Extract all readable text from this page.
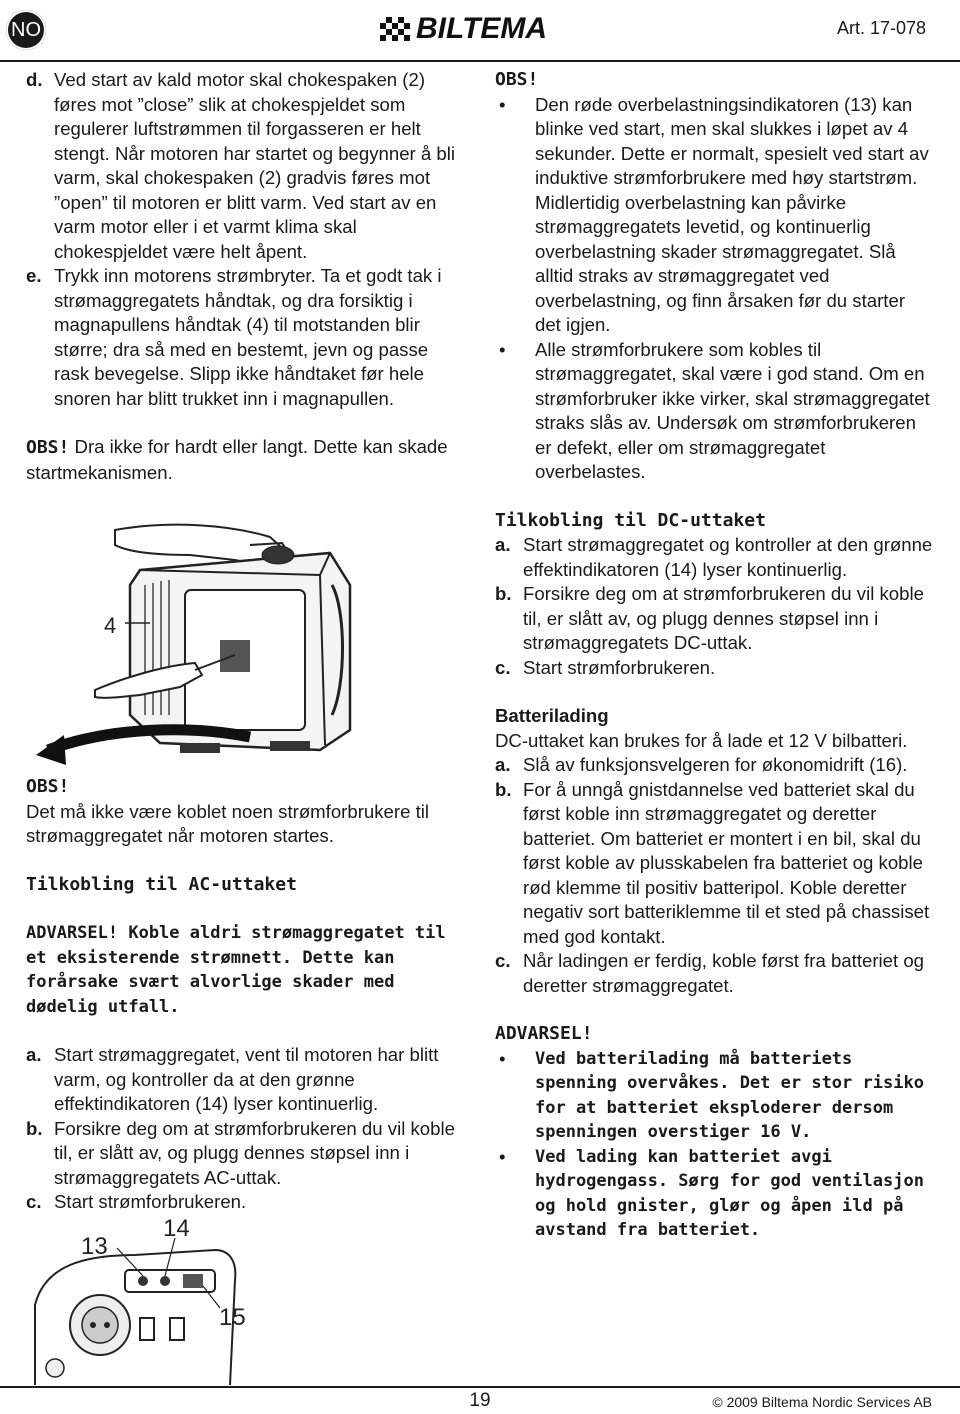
NO	BILTEMA	Art. 17-078
d. Ved start av kald motor skal chokespaken (2) føres mot ”close” slik at chokespjeldet som regulerer luftstrømmen til forgasseren er helt stengt. Når motoren har startet og begynner å bli varm, skal chokespaken (2) gradvis føres mot ”open” til motoren er blitt varm. Ved start av en varm motor eller i et varmt klima skal chokespjeldet være helt åpent.
e. Trykk inn motorens strømbryter. Ta et godt tak i strømaggregatets håndtak, og dra forsiktig i magnapullens håndtak (4) til motstanden blir større; dra så med en bestemt, jevn og passe rask bevegelse. Slipp ikke håndtaket før hele snoren har blitt trukket inn i magnapullen.

OBS! Dra ikke for hardt eller langt. Dette kan skade startmekanismen.

4

OBS!

Det må ikke være koblet noen strømforbrukere til strømaggregatet når motoren startes.

Tilkobling til AC-uttaket

ADVARSEL! Koble aldri strømaggregatet til et eksisterende strømnett. Dette kan forårsake svært alvorlige skader med dødelig utfall.

a. Start strømaggregatet, vent til motoren har blitt varm, og kontroller da at den grønne effektindikatoren (14) lyser kontinuerlig.
b. Forsikre deg om at strømforbrukeren du vil koble til, er slått av, og plugg dennes støpsel inn i strømaggregatets AC-uttak.
c. Start strømforbrukeren.
13
14
15

OBS!

•	Den røde overbelastningsindikatoren (13) kan blinke ved start, men skal slukkes i løpet av 4 sekunder. Dette er normalt, spesielt ved start av induktive strømforbrukere med høy startstrøm. Midlertidig overbelastning kan påvirke strømaggregatets levetid, og kontinuerlig overbelastning skader strømaggregatet. Slå alltid straks av strømaggregatet ved overbelastning, og finn årsaken før du starter det igjen.
•	Alle strømforbrukere som kobles til strømaggregatet, skal være i god stand. Om en strømforbruker ikke virker, skal strømaggregatet straks slås av. Undersøk om strømforbrukeren er defekt, eller om strømaggregatet overbelastes.

Tilkobling til DC-uttaket

a. Start strømaggregatet og kontroller at den grønne effektindikatoren (14) lyser kontinuerlig.
b. Forsikre deg om at strømforbrukeren du vil koble til, er slått av, og plugg dennes støpsel inn i strømaggregatets DC-uttak.
c. Start strømforbrukeren.

Batterilading

DC-uttaket kan brukes for å lade et 12 V bilbatteri.

a. Slå av funksjonsvelgeren for økonomidrift (16).
b. For å unngå gnistdannelse ved batteriet skal du først koble inn strømaggregatet og deretter batteriet. Om batteriet er montert i en bil, skal du først koble av plusskabelen fra batteriet og koble rød klemme til positiv batteripol. Koble deretter negativ sort batteriklemme til et sted på chassiset med god kontakt.
c. Når ladingen er ferdig, koble først fra batteriet og deretter strømaggregatet.

ADVARSEL!

•	Ved batterilading må batteriets spenning overvåkes. Det er stor risiko for at batteriet eksploderer dersom spenningen overstiger 16 V.
•	Ved lading kan batteriet avgi hydrogengass. Sørg for god ventilasjon og hold gnister, glør og åpen ild på avstand fra batteriet.
19	© 2009 Biltema Nordic Services AB
